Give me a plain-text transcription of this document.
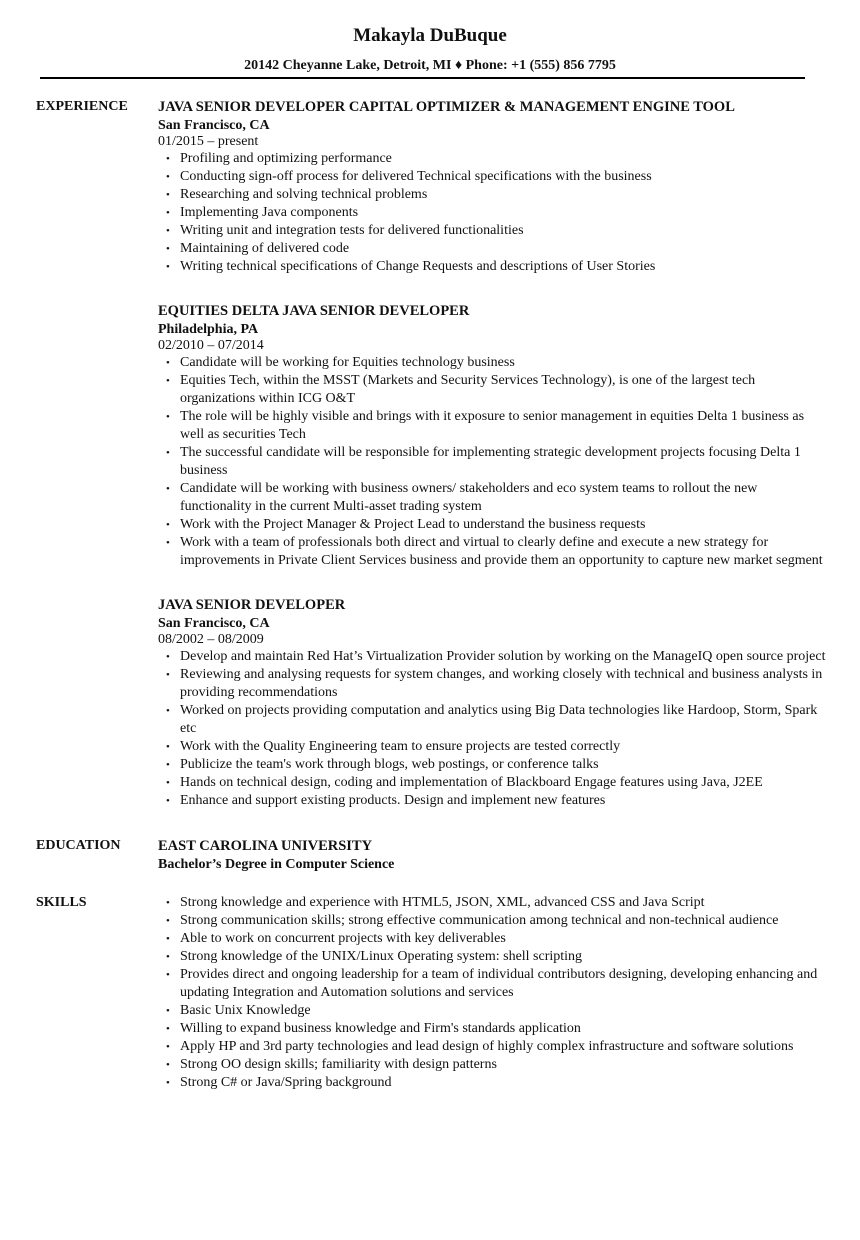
Makayla DuBuque
20142 Cheyanne Lake, Detroit, MI ♦ Phone: +1 (555) 856 7795
EXPERIENCE	JAVA SENIOR DEVELOPER CAPITAL OPTIMIZER & MANAGEMENT ENGINE TOOL
San Francisco, CA
01/2015 – present
• Profiling and optimizing performance
• Conducting sign-off process for delivered Technical specifications with the business
• Researching and solving technical problems
• Implementing Java components
• Writing unit and integration tests for delivered functionalities
• Maintaining of delivered code
• Writing technical specifications of Change Requests and descriptions of User Stories
EQUITIES DELTA JAVA SENIOR DEVELOPER
Philadelphia, PA
02/2010 – 07/2014
• Candidate will be working for Equities technology business
• Equities Tech, within the MSST (Markets and Security Services Technology), is one of the largest tech organizations within ICG O&T
• The role will be highly visible and brings with it exposure to senior management in equities Delta 1 business as well as securities Tech
• The successful candidate will be responsible for implementing strategic development projects focusing Delta 1 business
• Candidate will be working with business owners/ stakeholders and eco system teams to rollout the new functionality in the current Multi-asset trading system
• Work with the Project Manager & Project Lead to understand the business requests
• Work with a team of professionals both direct and virtual to clearly define and execute a new strategy for improvements in Private Client Services business and provide them an opportunity to capture new market segment
JAVA SENIOR DEVELOPER
San Francisco, CA
08/2002 – 08/2009
• Develop and maintain Red Hat’s Virtualization Provider solution by working on the ManageIQ open source project
• Reviewing and analysing requests for system changes, and working closely with technical and business analysts in providing recommendations
• Worked on projects providing computation and analytics using Big Data technologies like Hardoop, Storm, Spark etc
• Work with the Quality Engineering team to ensure projects are tested correctly
• Publicize the team's work through blogs, web postings, or conference talks
• Hands on technical design, coding and implementation of Blackboard Engage features using Java, J2EE
• Enhance and support existing products. Design and implement new features
EDUCATION	EAST CAROLINA UNIVERSITY
Bachelor’s Degree in Computer Science
SKILLS	• Strong knowledge and experience with HTML5, JSON, XML, advanced CSS and Java Script
• Strong communication skills; strong effective communication among technical and non-technical audience
• Able to work on concurrent projects with key deliverables
• Strong knowledge of the UNIX/Linux Operating system: shell scripting
• Provides direct and ongoing leadership for a team of individual contributors designing, developing enhancing and updating Integration and Automation solutions and services
• Basic Unix Knowledge
• Willing to expand business knowledge and Firm's standards application
• Apply HP and 3rd party technologies and lead design of highly complex infrastructure and software solutions
• Strong OO design skills; familiarity with design patterns
• Strong C# or Java/Spring background
